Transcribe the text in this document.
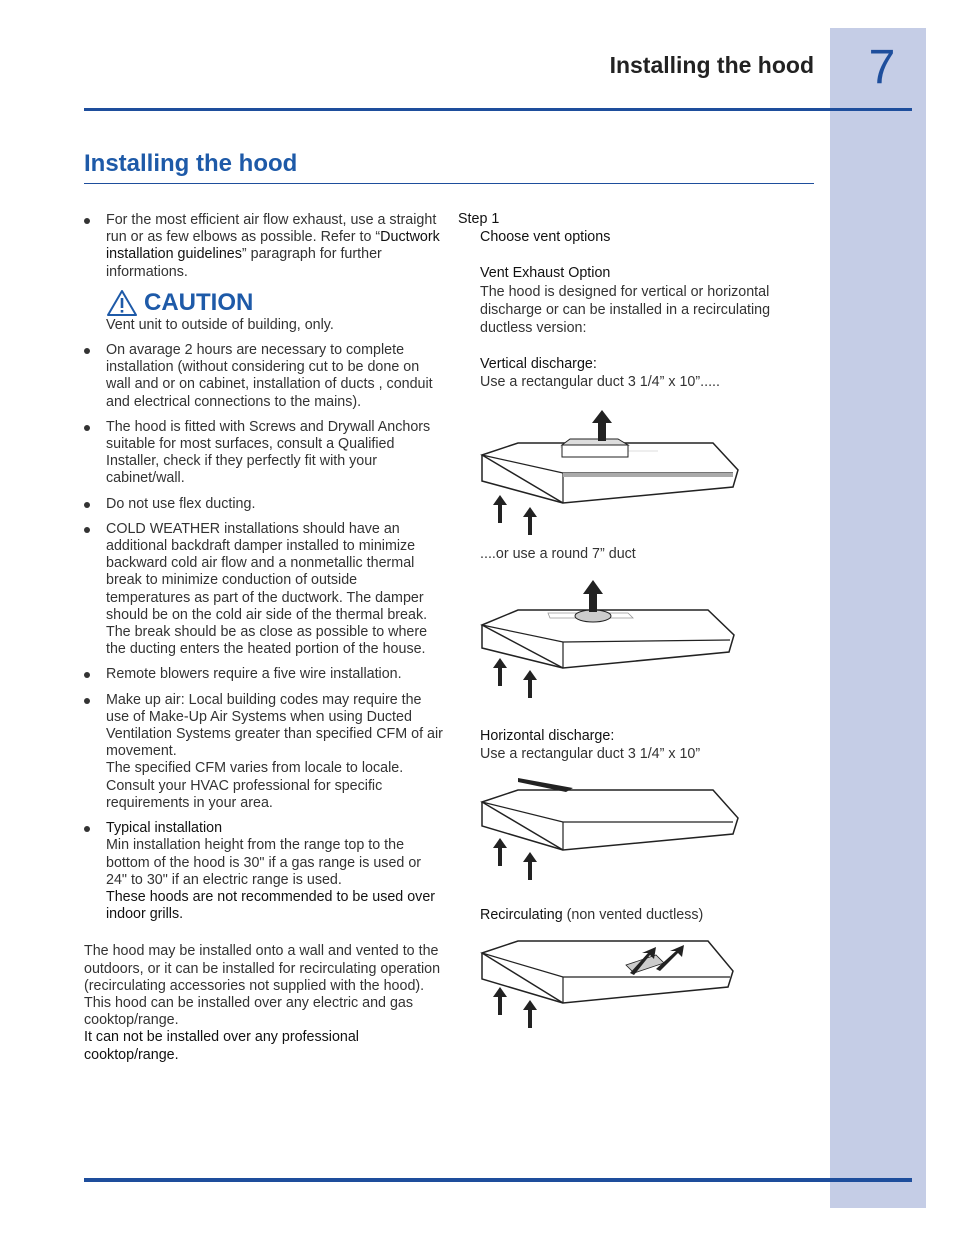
7
Installing the hood
Installing the hood
For the most efficient air flow exhaust, use a straight run or as few elbows as possible. Refer to “Ductwork installation guidelines” paragraph for further informations.
CAUTION
Vent unit to outside of building, only.
On avarage 2 hours are necessary to complete installation (without considering cut to be done on wall and or on cabinet, installation of ducts , conduit and electrical connections to the mains).
The hood is fitted with Screws and Drywall Anchors suitable for most surfaces, consult a Qualified Installer, check if they perfectly fit with your cabinet/wall.
Do not use flex ducting.
COLD WEATHER installations should have an additional backdraft damper installed to minimize backward cold air flow and a nonmetallic thermal break to minimize conduction of outside temperatures as part of the ductwork. The damper should be on the cold air side of the thermal break.
The break should be as close as possible to where the ducting enters the heated portion of the house.
Remote blowers require a five wire installation.
Make up air: Local building codes may require the use of Make-Up Air Systems when using Ducted Ventilation Systems greater than specified CFM of air movement.
The specified CFM varies from locale to locale. Consult your HVAC professional for specific requirements in your area.
Typical installation
Min installation height from the range top to the bottom of the hood is 30" if a gas range is used or 24" to 30" if an electric range is used.
These hoods are not recommended to be used over indoor grills.
The hood may be installed onto a wall and vented to the outdoors, or it can be installed for recirculating operation (recirculating accessories not supplied with the hood).
This hood can be installed over any electric and gas cooktop/range.
It can not be installed over any professional cooktop/range.
Step 1
Choose vent options
Vent Exhaust Option
The hood is designed for vertical or horizontal discharge or can be installed in a recirculating ductless version:
Vertical discharge:
Use a rectangular duct 3 1/4” x 10”.....
....or use a round 7” duct
Horizontal discharge:
Use a rectangular duct 3 1/4” x 10”
Recirculating (non vented ductless)
